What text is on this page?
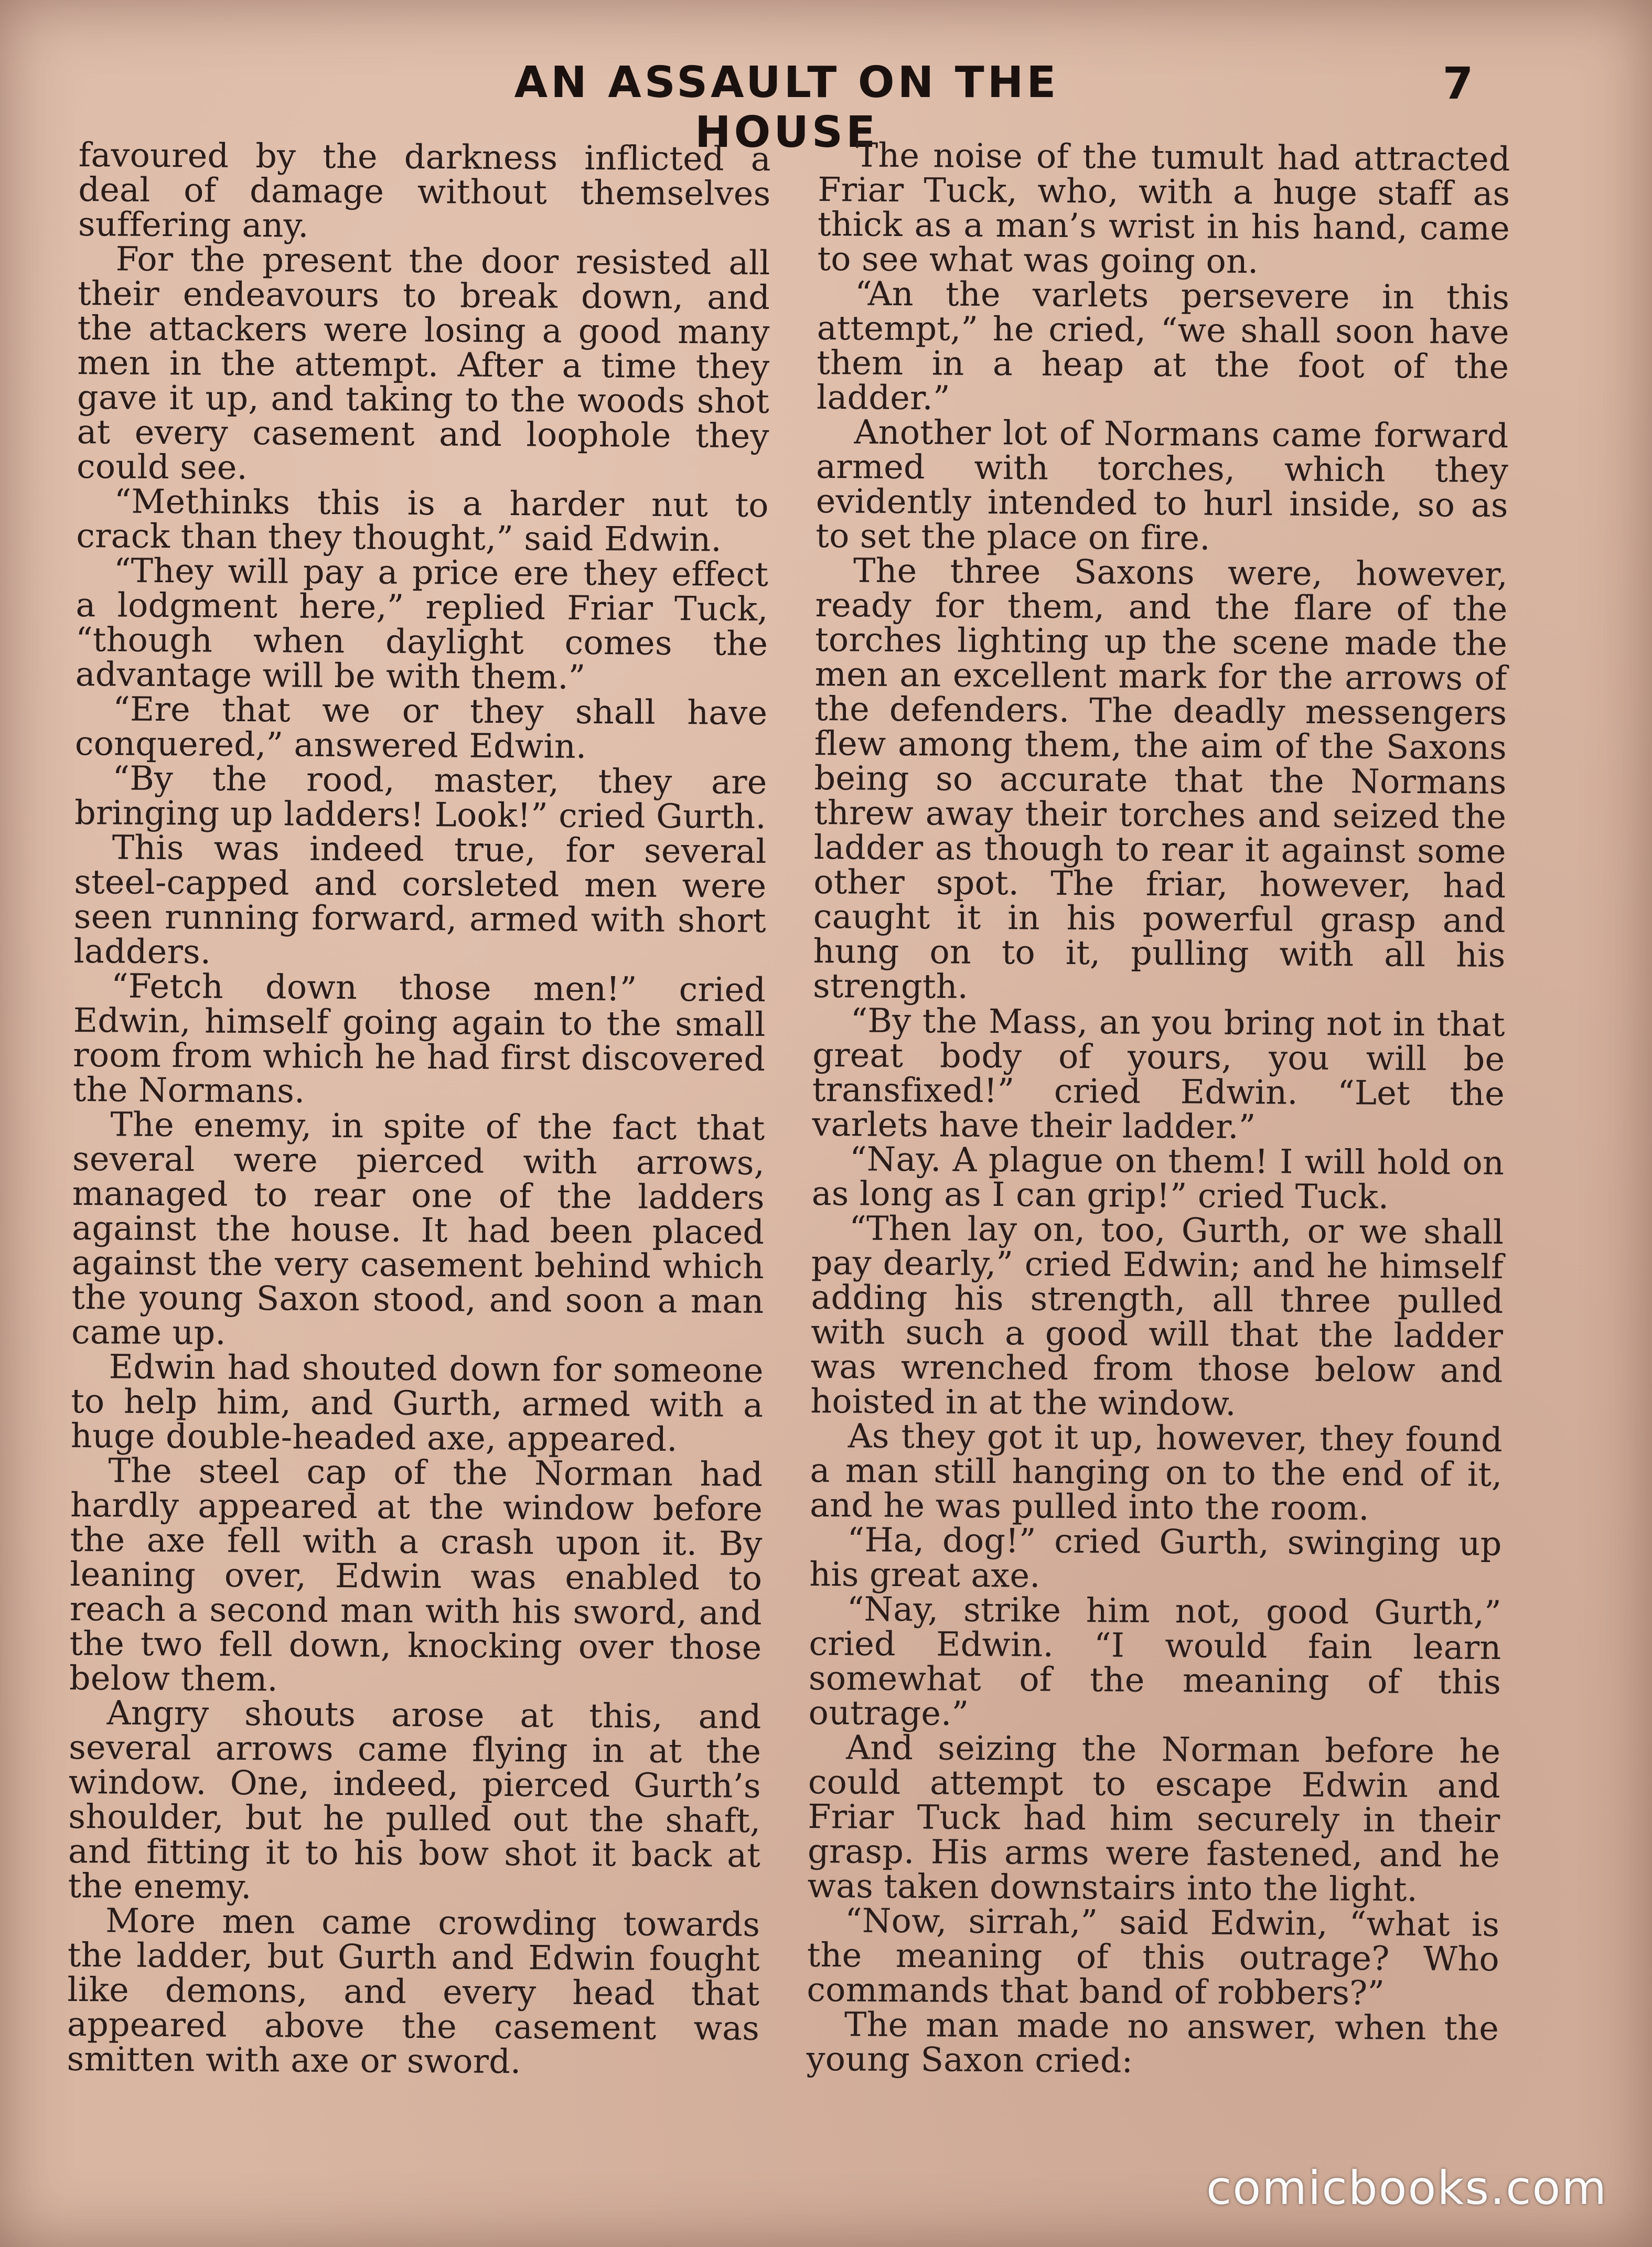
AN ASSAULT ON THE HOUSE
7

favoured by the darkness inflicted a deal of damage without themselves suffering any.

For the present the door resisted all their endeavours to break down, and the attackers were losing a good many men in the attempt. After a time they gave it up, and taking to the woods shot at every casement and loophole they could see.

“Methinks this is a harder nut to crack than they thought,” said Edwin.

“They will pay a price ere they effect a lodgment here,” replied Friar Tuck, “though when daylight comes the advantage will be with them.”

“Ere that we or they shall have conquered,” answered Edwin.

“By the rood, master, they are bringing up ladders! Look!” cried Gurth.

This was indeed true, for several steel-capped and corsleted men were seen running forward, armed with short ladders.

“Fetch down those men!” cried Edwin, himself going again to the small room from which he had first discovered the Normans.

The enemy, in spite of the fact that several were pierced with arrows, managed to rear one of the ladders against the house. It had been placed against the very casement behind which the young Saxon stood, and soon a man came up.

Edwin had shouted down for someone to help him, and Gurth, armed with a huge double-headed axe, appeared.

The steel cap of the Norman had hardly appeared at the window before the axe fell with a crash upon it. By leaning over, Edwin was enabled to reach a second man with his sword, and the two fell down, knocking over those below them.

Angry shouts arose at this, and several arrows came flying in at the window. One, indeed, pierced Gurth’s shoulder, but he pulled out the shaft, and fitting it to his bow shot it back at the enemy.

More men came crowding towards the ladder, but Gurth and Edwin fought like demons, and every head that appeared above the casement was smitten with axe or sword.

The noise of the tumult had attracted Friar Tuck, who, with a huge staff as thick as a man’s wrist in his hand, came to see what was going on.

“An the varlets persevere in this attempt,” he cried, “we shall soon have them in a heap at the foot of the ladder.”

Another lot of Normans came forward armed with torches, which they evidently intended to hurl inside, so as to set the place on fire.

The three Saxons were, however, ready for them, and the flare of the torches lighting up the scene made the men an excellent mark for the arrows of the defenders. The deadly messengers flew among them, the aim of the Saxons being so accurate that the Normans threw away their torches and seized the ladder as though to rear it against some other spot. The friar, however, had caught it in his powerful grasp and hung on to it, pulling with all his strength.

“By the Mass, an you bring not in that great body of yours, you will be transfixed!” cried Edwin. “Let the varlets have their ladder.”

“Nay. A plague on them! I will hold on as long as I can grip!” cried Tuck.

“Then lay on, too, Gurth, or we shall pay dearly,” cried Edwin; and he himself adding his strength, all three pulled with such a good will that the ladder was wrenched from those below and hoisted in at the window.

As they got it up, however, they found a man still hanging on to the end of it, and he was pulled into the room.

“Ha, dog!” cried Gurth, swinging up his great axe.

“Nay, strike him not, good Gurth,” cried Edwin. “I would fain learn somewhat of the meaning of this outrage.”

And seizing the Norman before he could attempt to escape Edwin and Friar Tuck had him securely in their grasp. His arms were fastened, and he was taken downstairs into the light.

“Now, sirrah,” said Edwin, “what is the meaning of this outrage? Who commands that band of robbers?”

The man made no answer, when the young Saxon cried:

comicbooks.com
